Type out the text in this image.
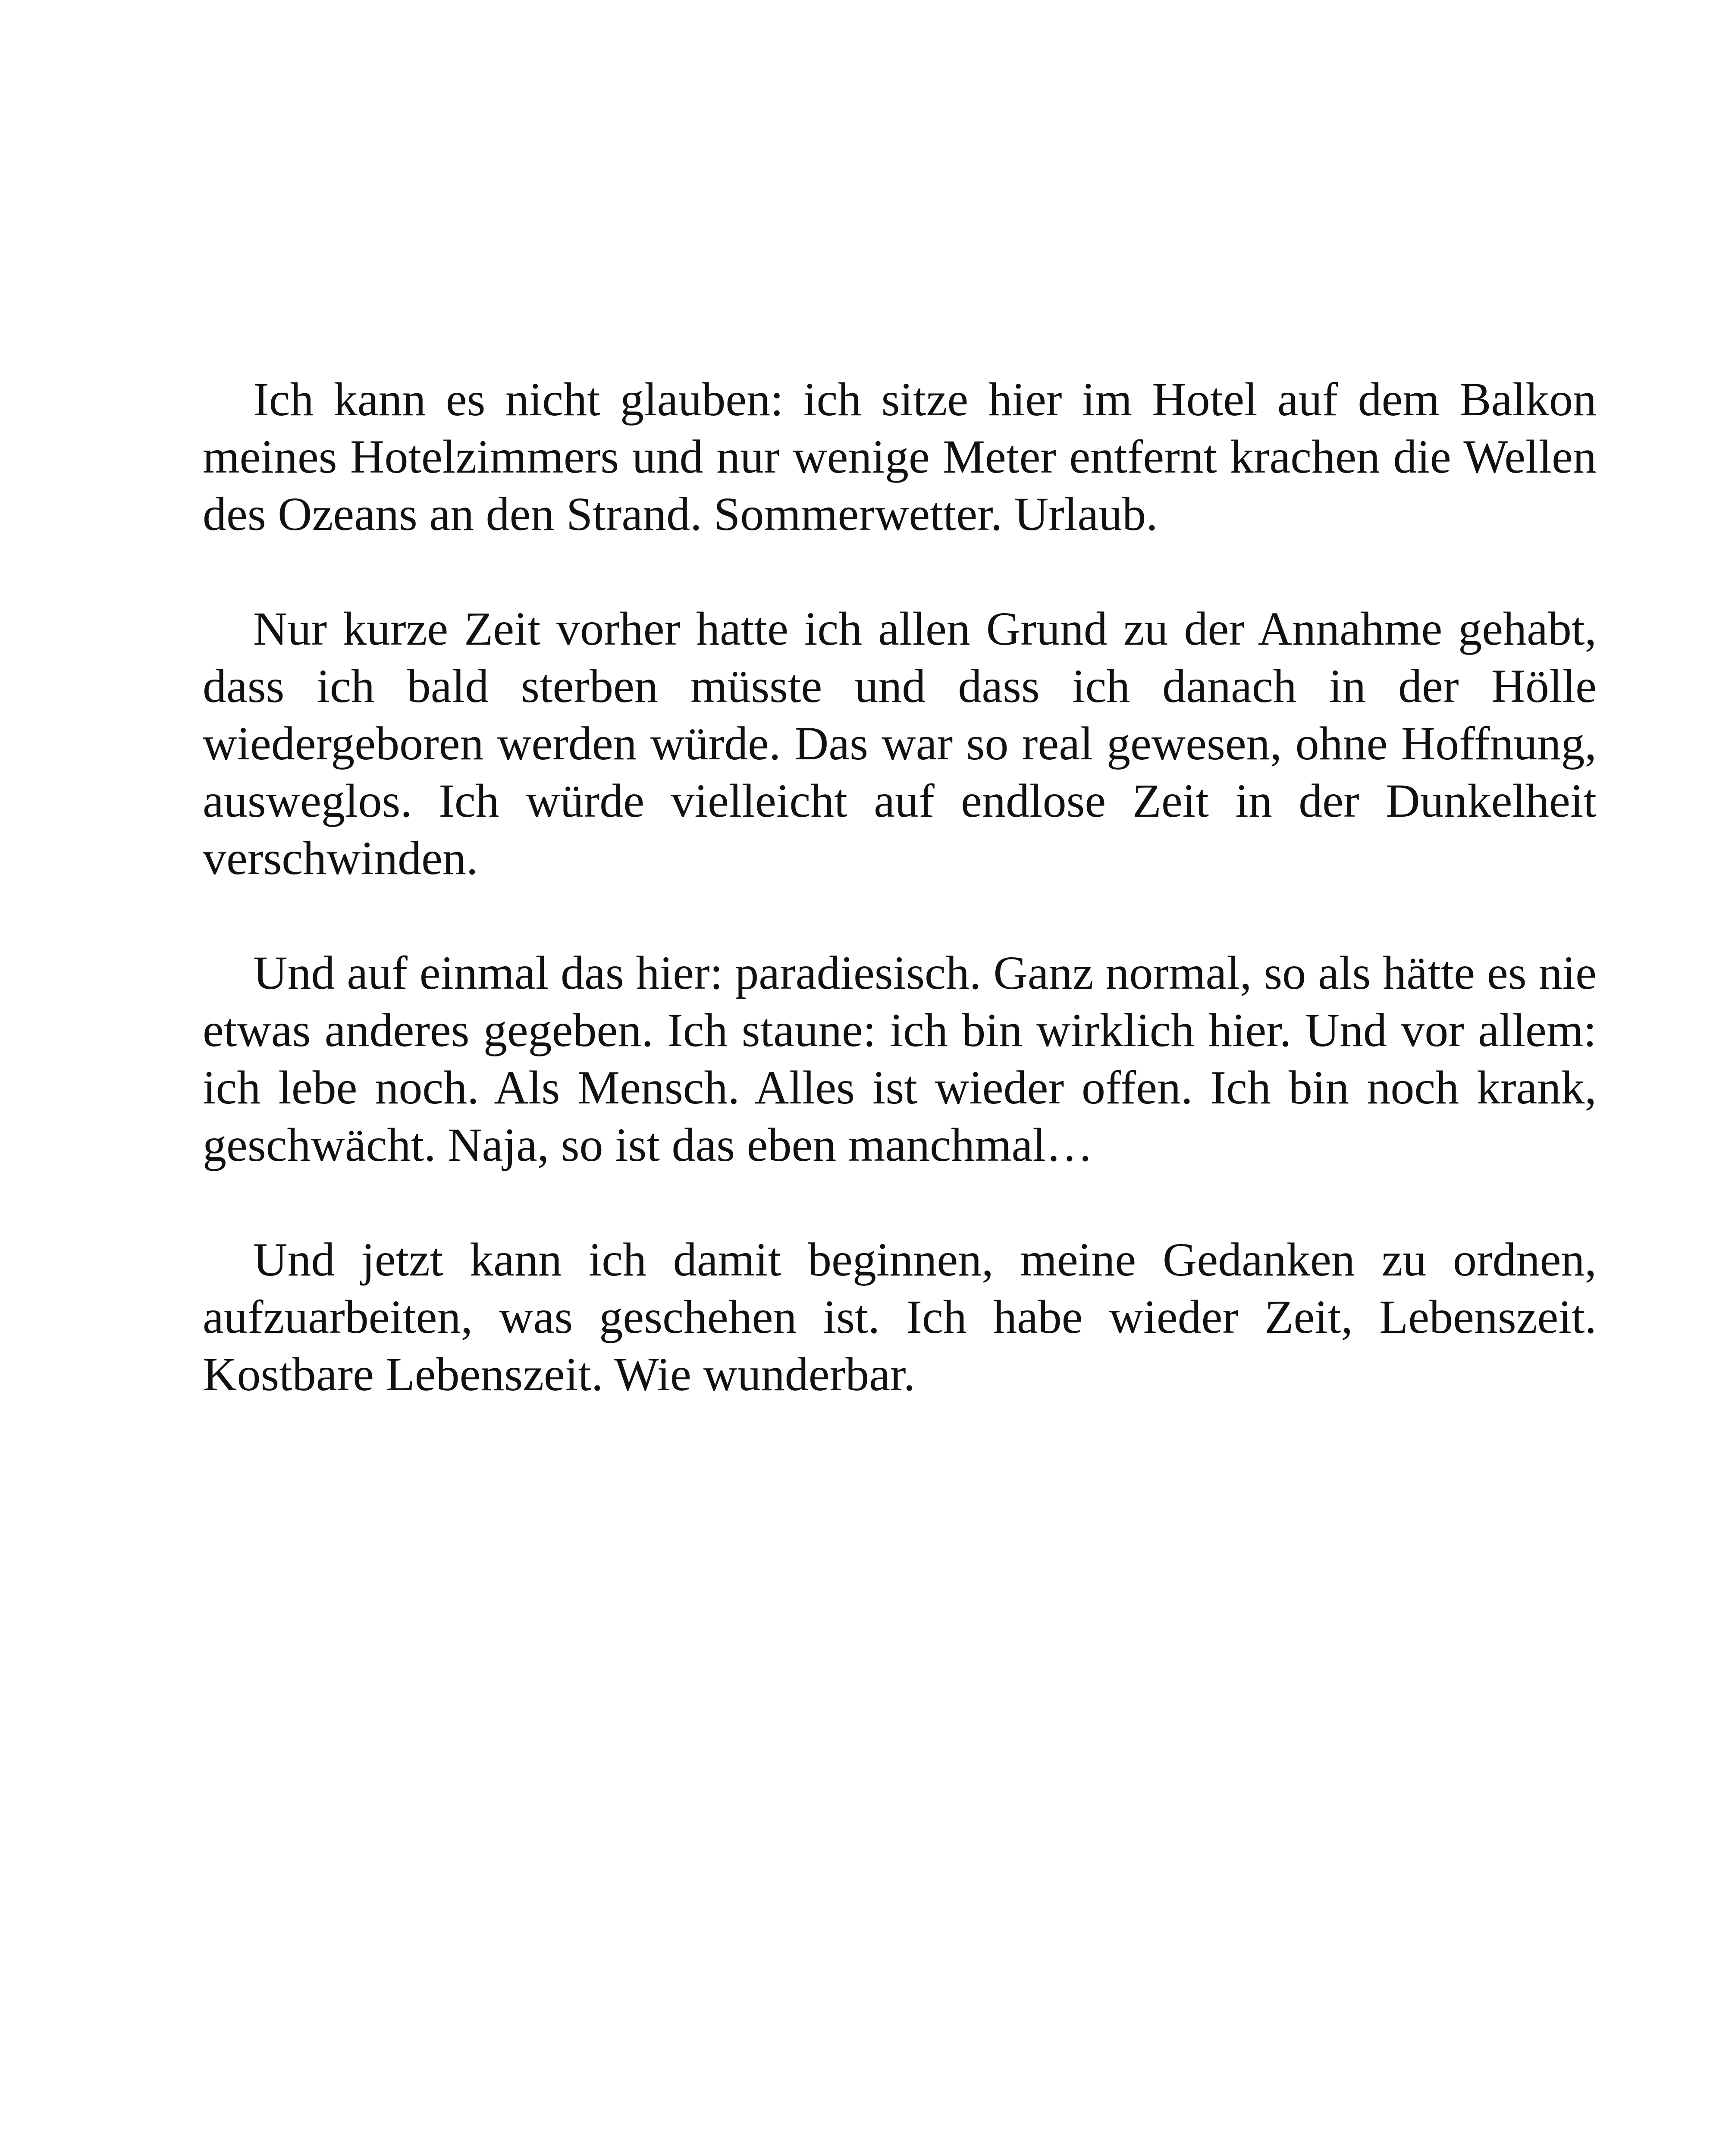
Ich kann es nicht glauben: ich sitze hier im Hotel auf dem Balkon meines Hotelzimmers und nur wenige Meter entfernt krachen die Wellen des Ozeans an den Strand. Sommerwetter. Urlaub.

Nur kurze Zeit vorher hatte ich allen Grund zu der Annahme gehabt, dass ich bald sterben müsste und dass ich danach in der Hölle wiedergeboren werden würde. Das war so real gewesen, ohne Hoffnung, ausweglos. Ich würde vielleicht auf endlose Zeit in der Dunkelheit verschwinden.

Und auf einmal das hier: paradiesisch. Ganz normal, so als hätte es nie etwas anderes gegeben. Ich staune: ich bin wirklich hier. Und vor allem: ich lebe noch. Als Mensch. Alles ist wieder offen. Ich bin noch krank, geschwächt. Naja, so ist das eben manchmal…

Und jetzt kann ich damit beginnen, meine Gedanken zu ordnen, aufzuarbeiten, was geschehen ist. Ich habe wieder Zeit, Lebenszeit. Kostbare Lebenszeit. Wie wunderbar.
